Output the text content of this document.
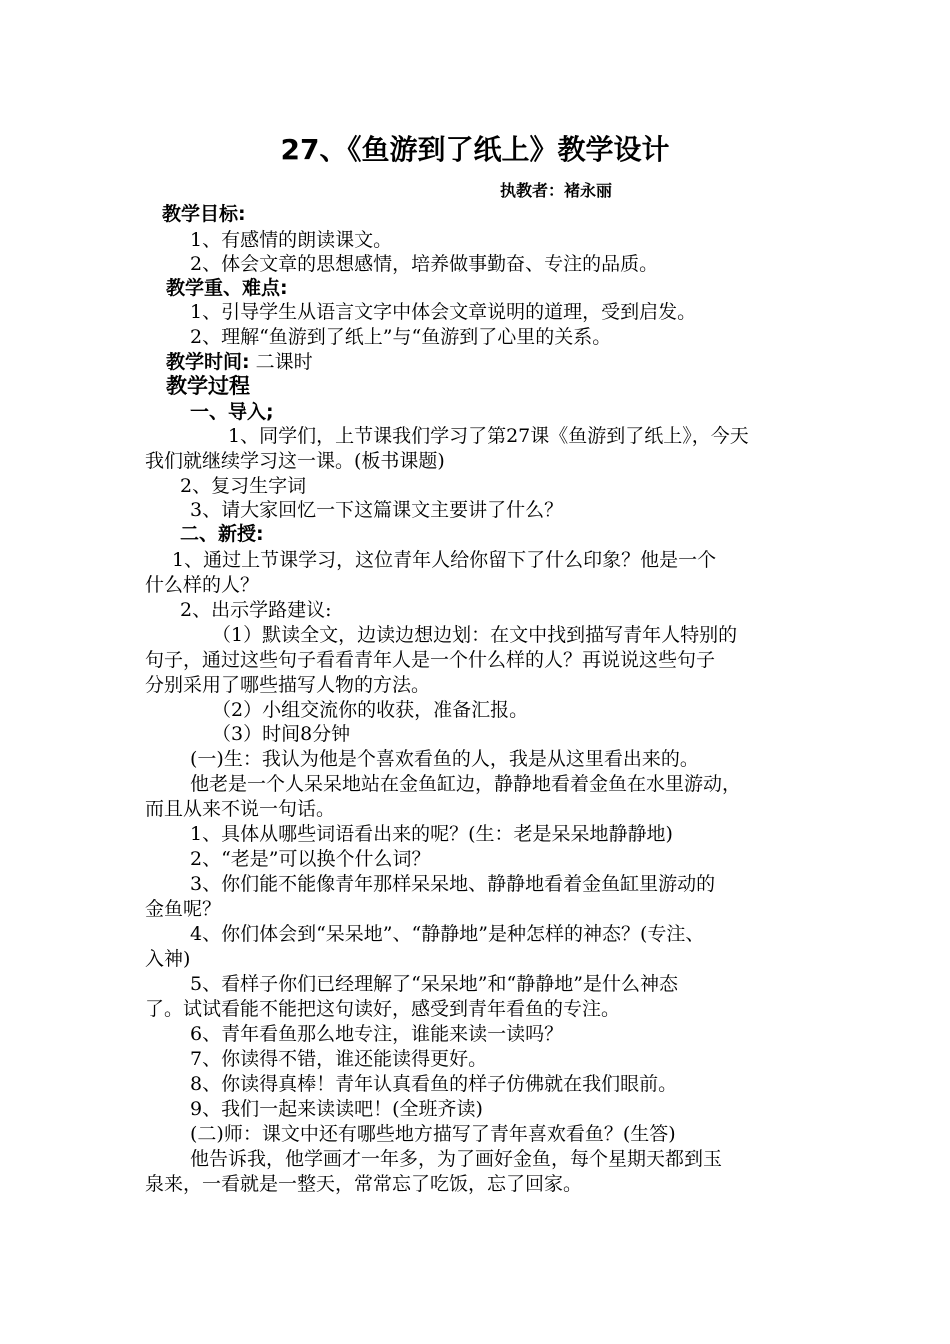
27、《鱼游到了纸上》教学设计
执教者：褚永丽
教学目标:
1、有感情的朗读课文。
2、体会文章的思想感情，培养做事勤奋、专注的品质。
教学重、难点:
1、引导学生从语言文字中体会文章说明的道理，受到启发。
2、理解“鱼游到了纸上”与“鱼游到了心里的关系。
教学时间: 二课时
教学过程
一、导入;
1、同学们，上节课我们学习了第27课《鱼游到了纸上》，今天
我们就继续学习这一课。(板书课题)
2、复习生字词
3、请大家回忆一下这篇课文主要讲了什么？
二、新授:
1、通过上节课学习，这位青年人给你留下了什么印象？他是一个
什么样的人？
2、出示学路建议:
（1）默读全文，边读边想边划：在文中找到描写青年人特别的
句子，通过这些句子看看青年人是一个什么样的人？再说说这些句子
分别采用了哪些描写人物的方法。
（2）小组交流你的收获，准备汇报。
（3）时间8分钟
(一)生：我认为他是个喜欢看鱼的人，我是从这里看出来的。
他老是一个人呆呆地站在金鱼缸边，静静地看着金鱼在水里游动，
而且从来不说一句话。
1、具体从哪些词语看出来的呢？(生：老是呆呆地静静地)
2、“老是”可以换个什么词？
3、你们能不能像青年那样呆呆地、静静地看着金鱼缸里游动的
金鱼呢？
4、你们体会到“呆呆地”、“静静地”是种怎样的神态？(专注、
入神)
5、看样子你们已经理解了“呆呆地”和“静静地”是什么神态
了。试试看能不能把这句读好，感受到青年看鱼的专注。
6、青年看鱼那么地专注，谁能来读一读吗？
7、你读得不错，谁还能读得更好。
8、你读得真棒！青年认真看鱼的样子仿佛就在我们眼前。
9、我们一起来读读吧！(全班齐读)
(二)师：课文中还有哪些地方描写了青年喜欢看鱼？(生答)
他告诉我，他学画才一年多，为了画好金鱼，每个星期天都到玉
泉来，一看就是一整天，常常忘了吃饭，忘了回家。
